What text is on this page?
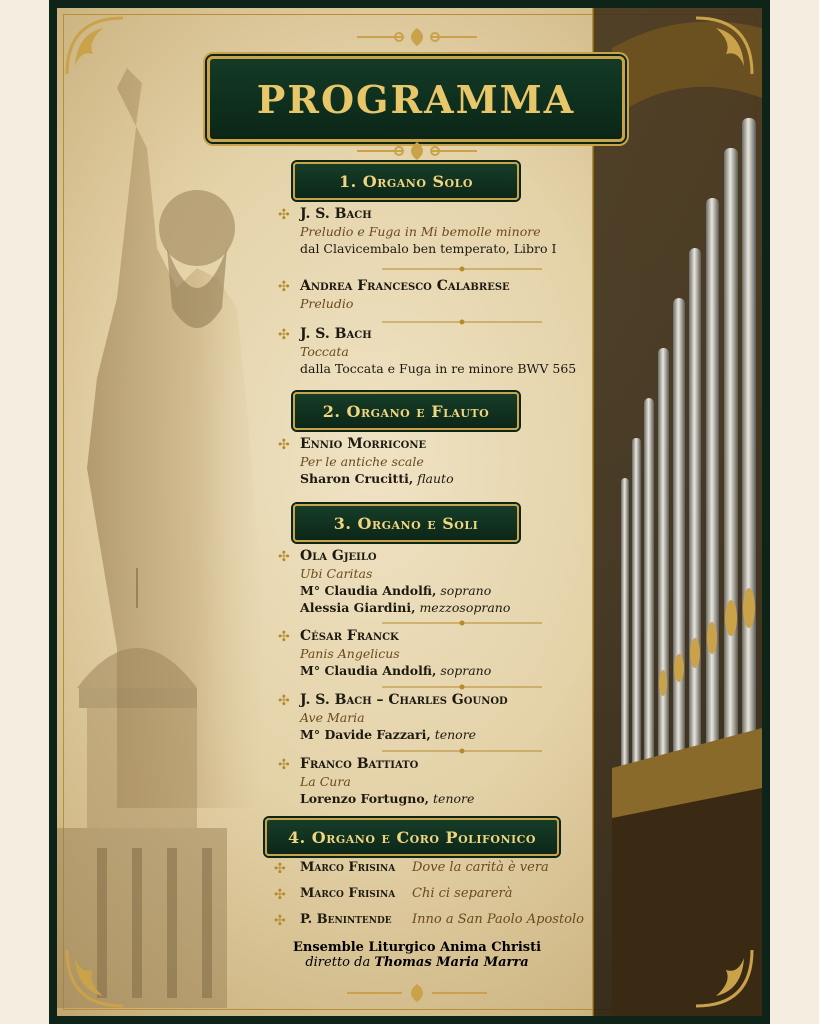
PROGRAMMA
1. Organo Solo
✣ J. S. Bach
Preludio e Fuga in Mi bemolle minore
dal Clavicembalo ben temperato, Libro I
✣ Andrea Francesco Calabrese
Preludio
✣ J. S. Bach
Toccata
dalla Toccata e Fuga in re minore BWV 565
2. Organo e Flauto
✣ Ennio Morricone
Per le antiche scale
Sharon Crucitti, flauto
3. Organo e Soli
✣ Ola Gjeilo
Ubi Caritas
M° Claudia Andolfi, soprano
Alessia Giardini, mezzosoprano
✣ César Franck
Panis Angelicus
M° Claudia Andolfi, soprano
✣ J. S. Bach – Charles Gounod
Ave Maria
M° Davide Fazzari, tenore
✣ Franco Battiato
La Cura
Lorenzo Fortugno, tenore
4. Organo e Coro Polifonico
✣ Marco Frisina Dove la carità è vera
✣ Marco Frisina Chi ci separerà
✣ P. Benintende Inno a San Paolo Apostolo
Ensemble Liturgico Anima Christi
diretto da Thomas Maria Marra
